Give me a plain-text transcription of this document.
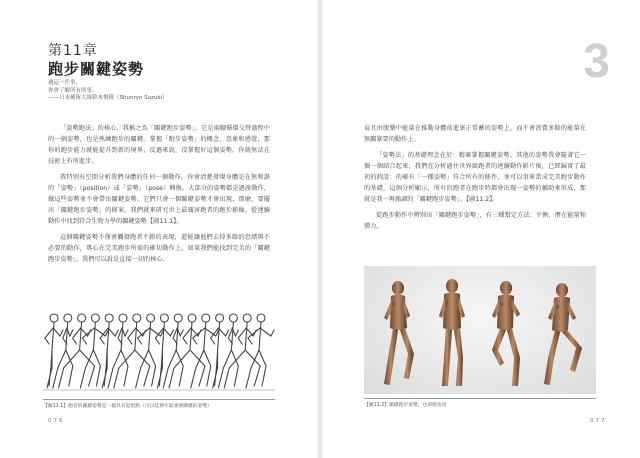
第11章
跑步關鍵姿勢
遇這一件事，
你會了解所有的事。
——日本劍術大師鈴木俊隆（Shunryo Suzuki）

「姿勢跑法」的核心，我稱之為「關鍵跑步姿勢」，它是兩腳循環交替過程中的一個姿勢，也是熟練跑步的關鍵。掌握「跑步姿勢」的概念、意象和感覺，那你的跑步能力就能提升到新的境界，反過來說，沒掌握好這個姿勢，你就無法在技術上有所進步。

我特別有空間分析我們身體的任何一個動作，你會清楚發現身體是在無和諧的「姿勢」（position）或「姿勢」（pose）轉換。大部分的姿勢都是過渡動作，做這些姿勢並不會帶出關鍵姿勢，它們只會一個關鍵姿勢才會出現，那麼，要擺出「關鍵跑步姿勢」的條案，我們就來研究世上最厲害跑者的跑步影像，從連續動作中找到符合生物力學的關鍵姿勢【圖11.1】。

這個關鍵姿勢不僅會觸發跑者不錯的表現，還能讓他們去掉多餘的思緒與不必要的動作，專心在完美跑步所需的確切動作上。如果我們能找到完美的「關鍵跑步姿勢」，我們可以說是直接一切的核心。

【圖11.1】跑者的關鍵姿勢是一個具有起始點（可以延伸至最重要關鍵的姿勢）
076
3

肩且由腹樂中能量在推動身體前進裏正常蓄的姿勢上，而不會浪費多餘的能量在無關緊要的動作上。

「姿勢法」的基礎理念在於：精確掌握關鍵姿勢。其他的姿勢我會隨著它一個一個結合起來，我們在分析過往世界級跑者的連續動作影片後，已經歸實了最初的假設：的確有「一種姿勢」符合所有的條件，並可以事來當成完美跑步動作的基礎，這個分析顯示，所有的跑者在跑步時都會出現一姿勢的輔助來形成，那就是我一再強調的「關鍵跑步姿勢」。【圖11.2】。

從跑步動作中辨別出「關鍵跑步姿勢」，有三種幫定方法：平衡、潛在能量和彈力。

【圖11.2】關鍵跑步姿勢，也即跑角度
077
